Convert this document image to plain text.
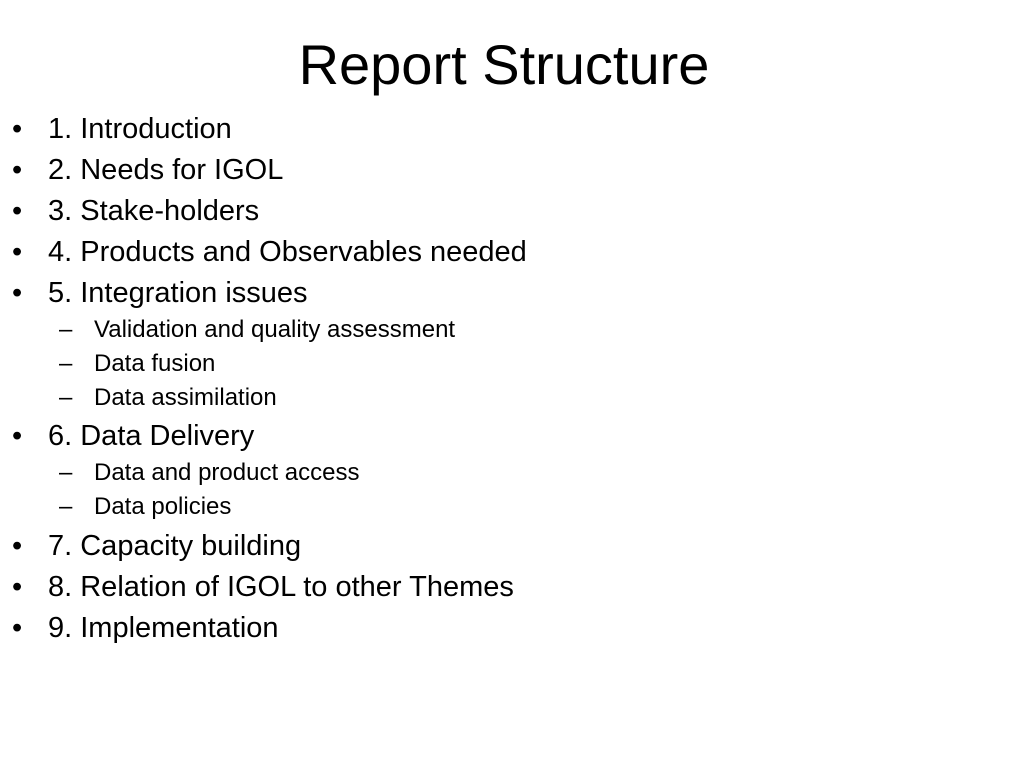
Report Structure
• 1. Introduction
• 2. Needs for IGOL
• 3. Stake-holders
• 4. Products and Observables needed
• 5. Integration issues
– Validation and quality assessment
– Data fusion
– Data assimilation
• 6. Data Delivery
– Data and product access
– Data policies
• 7. Capacity building
• 8. Relation of IGOL to other Themes
• 9. Implementation
